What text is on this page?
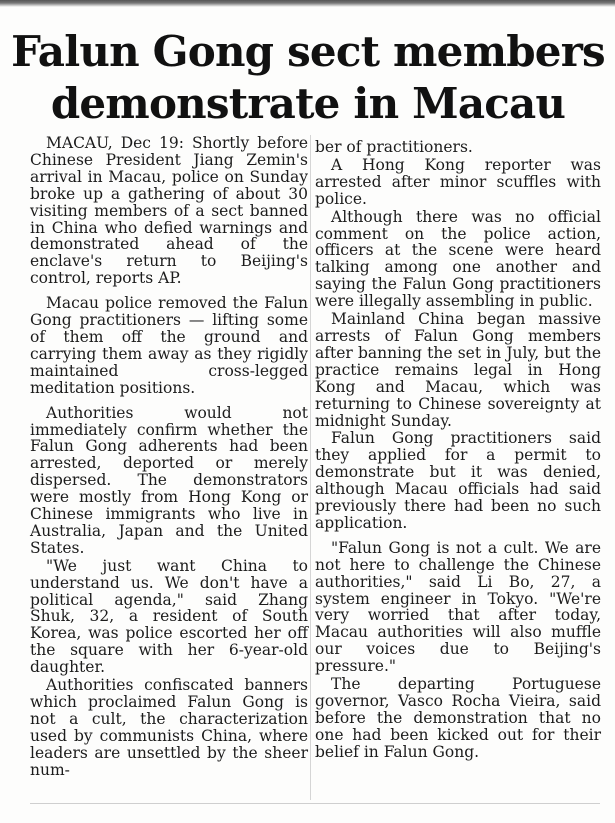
Falun Gong sect members demonstrate in Macau

MACAU, Dec 19: Shortly before Chinese President Jiang Zemin's arrival in Macau, police on Sunday broke up a gathering of about 30 visiting members of a sect banned in China who defied warnings and demonstrated ahead of the enclave's return to Beijing's control, reports AP.

Macau police removed the Falun Gong practitioners — lifting some of them off the ground and carrying them away as they rigidly maintained cross-legged meditation positions.

Authorities would not immediately confirm whether the Falun Gong adherents had been arrested, deported or merely dispersed. The demonstrators were mostly from Hong Kong or Chinese immigrants who live in Australia, Japan and the United States.

"We just want China to understand us. We don't have a political agenda," said Zhang Shuk, 32, a resident of South Korea, was police escorted her off the square with her 6-year-old daughter.

Authorities confiscated banners which proclaimed Falun Gong is not a cult, the characterization used by communists China, where leaders are unsettled by the sheer num-

ber of practitioners.

A Hong Kong reporter was arrested after minor scuffles with police.

Although there was no official comment on the police action, officers at the scene were heard talking among one another and saying the Falun Gong practitioners were illegally assembling in public.

Mainland China began massive arrests of Falun Gong members after banning the set in July, but the practice remains legal in Hong Kong and Macau, which was returning to Chinese sovereignty at midnight Sunday.

Falun Gong practitioners said they applied for a permit to demonstrate but it was denied, although Macau officials had said previously there had been no such application.

"Falun Gong is not a cult. We are not here to challenge the Chinese authorities," said Li Bo, 27, a system engineer in Tokyo. "We're very worried that after today, Macau authorities will also muffle our voices due to Beijing's pressure."

The departing Portuguese governor, Vasco Rocha Vieira, said before the demonstration that no one had been kicked out for their belief in Falun Gong.
